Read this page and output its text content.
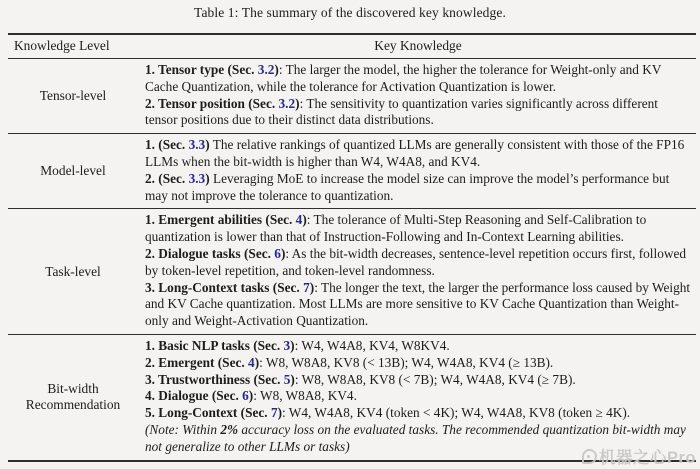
Table 1: The summary of the discovered key knowledge.
Knowledge Level	Key Knowledge
Tensor-level
1. Tensor type (Sec. 3.2): The larger the model, the higher the tolerance for Weight-only and KV Cache Quantization, while the tolerance for Activation Quantization is lower.
2. Tensor position (Sec. 3.2): The sensitivity to quantization varies significantly across different tensor positions due to their distinct data distributions.
Model-level
1. (Sec. 3.3) The relative rankings of quantized LLMs are generally consistent with those of the FP16 LLMs when the bit-width is higher than W4, W4A8, and KV4.
2. (Sec. 3.3) Leveraging MoE to increase the model size can improve the model’s performance but may not improve the tolerance to quantization.
Task-level
1. Emergent abilities (Sec. 4): The tolerance of Multi-Step Reasoning and Self-Calibration to quantization is lower than that of Instruction-Following and In-Context Learning abilities.
2. Dialogue tasks (Sec. 6): As the bit-width decreases, sentence-level repetition occurs first, followed by token-level repetition, and token-level randomness.
3. Long-Context tasks (Sec. 7): The longer the text, the larger the performance loss caused by Weight and KV Cache quantization. Most LLMs are more sensitive to KV Cache Quantization than Weight-only and Weight-Activation Quantization.
Bit-width Recommendation
1. Basic NLP tasks (Sec. 3): W4, W4A8, KV4, W8KV4.
2. Emergent (Sec. 4): W8, W8A8, KV8 (< 13B); W4, W4A8, KV4 (≥ 13B).
3. Trustworthiness (Sec. 5): W8, W8A8, KV8 (< 7B); W4, W4A8, KV4 (≥ 7B).
4. Dialogue (Sec. 6): W8, W8A8, KV4.
5. Long-Context (Sec. 7): W4, W4A8, KV4 (token < 4K); W4, W4A8, KV8 (token ≥ 4K).
(Note: Within 2% accuracy loss on the evaluated tasks. The recommended quantization bit-width may not generalize to other LLMs or tasks)
机器之心Pro
